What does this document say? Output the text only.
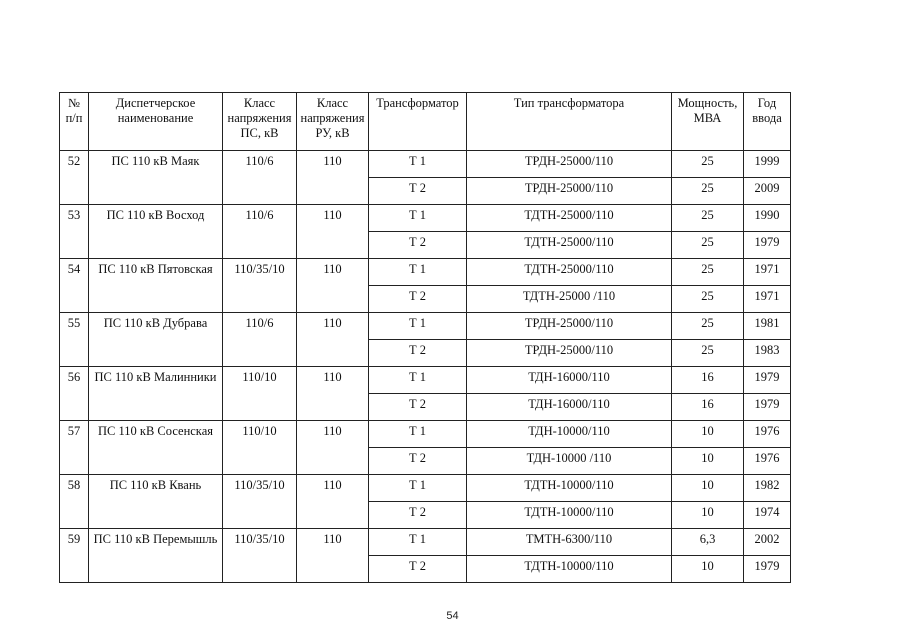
№ п/п	Диспетчерское наименование	Класс напряжения ПС, кВ	Класс напряжения РУ, кВ	Трансформатор	Тип трансформатора	Мощность, МВА	Год ввода
52	ПС 110 кВ Маяк	110/6	110	Т 1	ТРДН-25000/110	25	1999
				Т 2	ТРДН-25000/110	25	2009
53	ПС 110 кВ Восход	110/6	110	Т 1	ТДТН-25000/110	25	1990
				Т 2	ТДТН-25000/110	25	1979
54	ПС 110 кВ Пятовская	110/35/10	110	Т 1	ТДТН-25000/110	25	1971
				Т 2	ТДТН-25000 /110	25	1971
55	ПС 110 кВ Дубрава	110/6	110	Т 1	ТРДН-25000/110	25	1981
				Т 2	ТРДН-25000/110	25	1983
56	ПС 110 кВ Малинники	110/10	110	Т 1	ТДН-16000/110	16	1979
				Т 2	ТДН-16000/110	16	1979
57	ПС 110 кВ Сосенская	110/10	110	Т 1	ТДН-10000/110	10	1976
				Т 2	ТДН-10000 /110	10	1976
58	ПС 110 кВ Квань	110/35/10	110	Т 1	ТДТН-10000/110	10	1982
				Т 2	ТДТН-10000/110	10	1974
59	ПС 110 кВ Перемышль	110/35/10	110	Т 1	ТМТН-6300/110	6,3	2002
				Т 2	ТДТН-10000/110	10	1979
54
